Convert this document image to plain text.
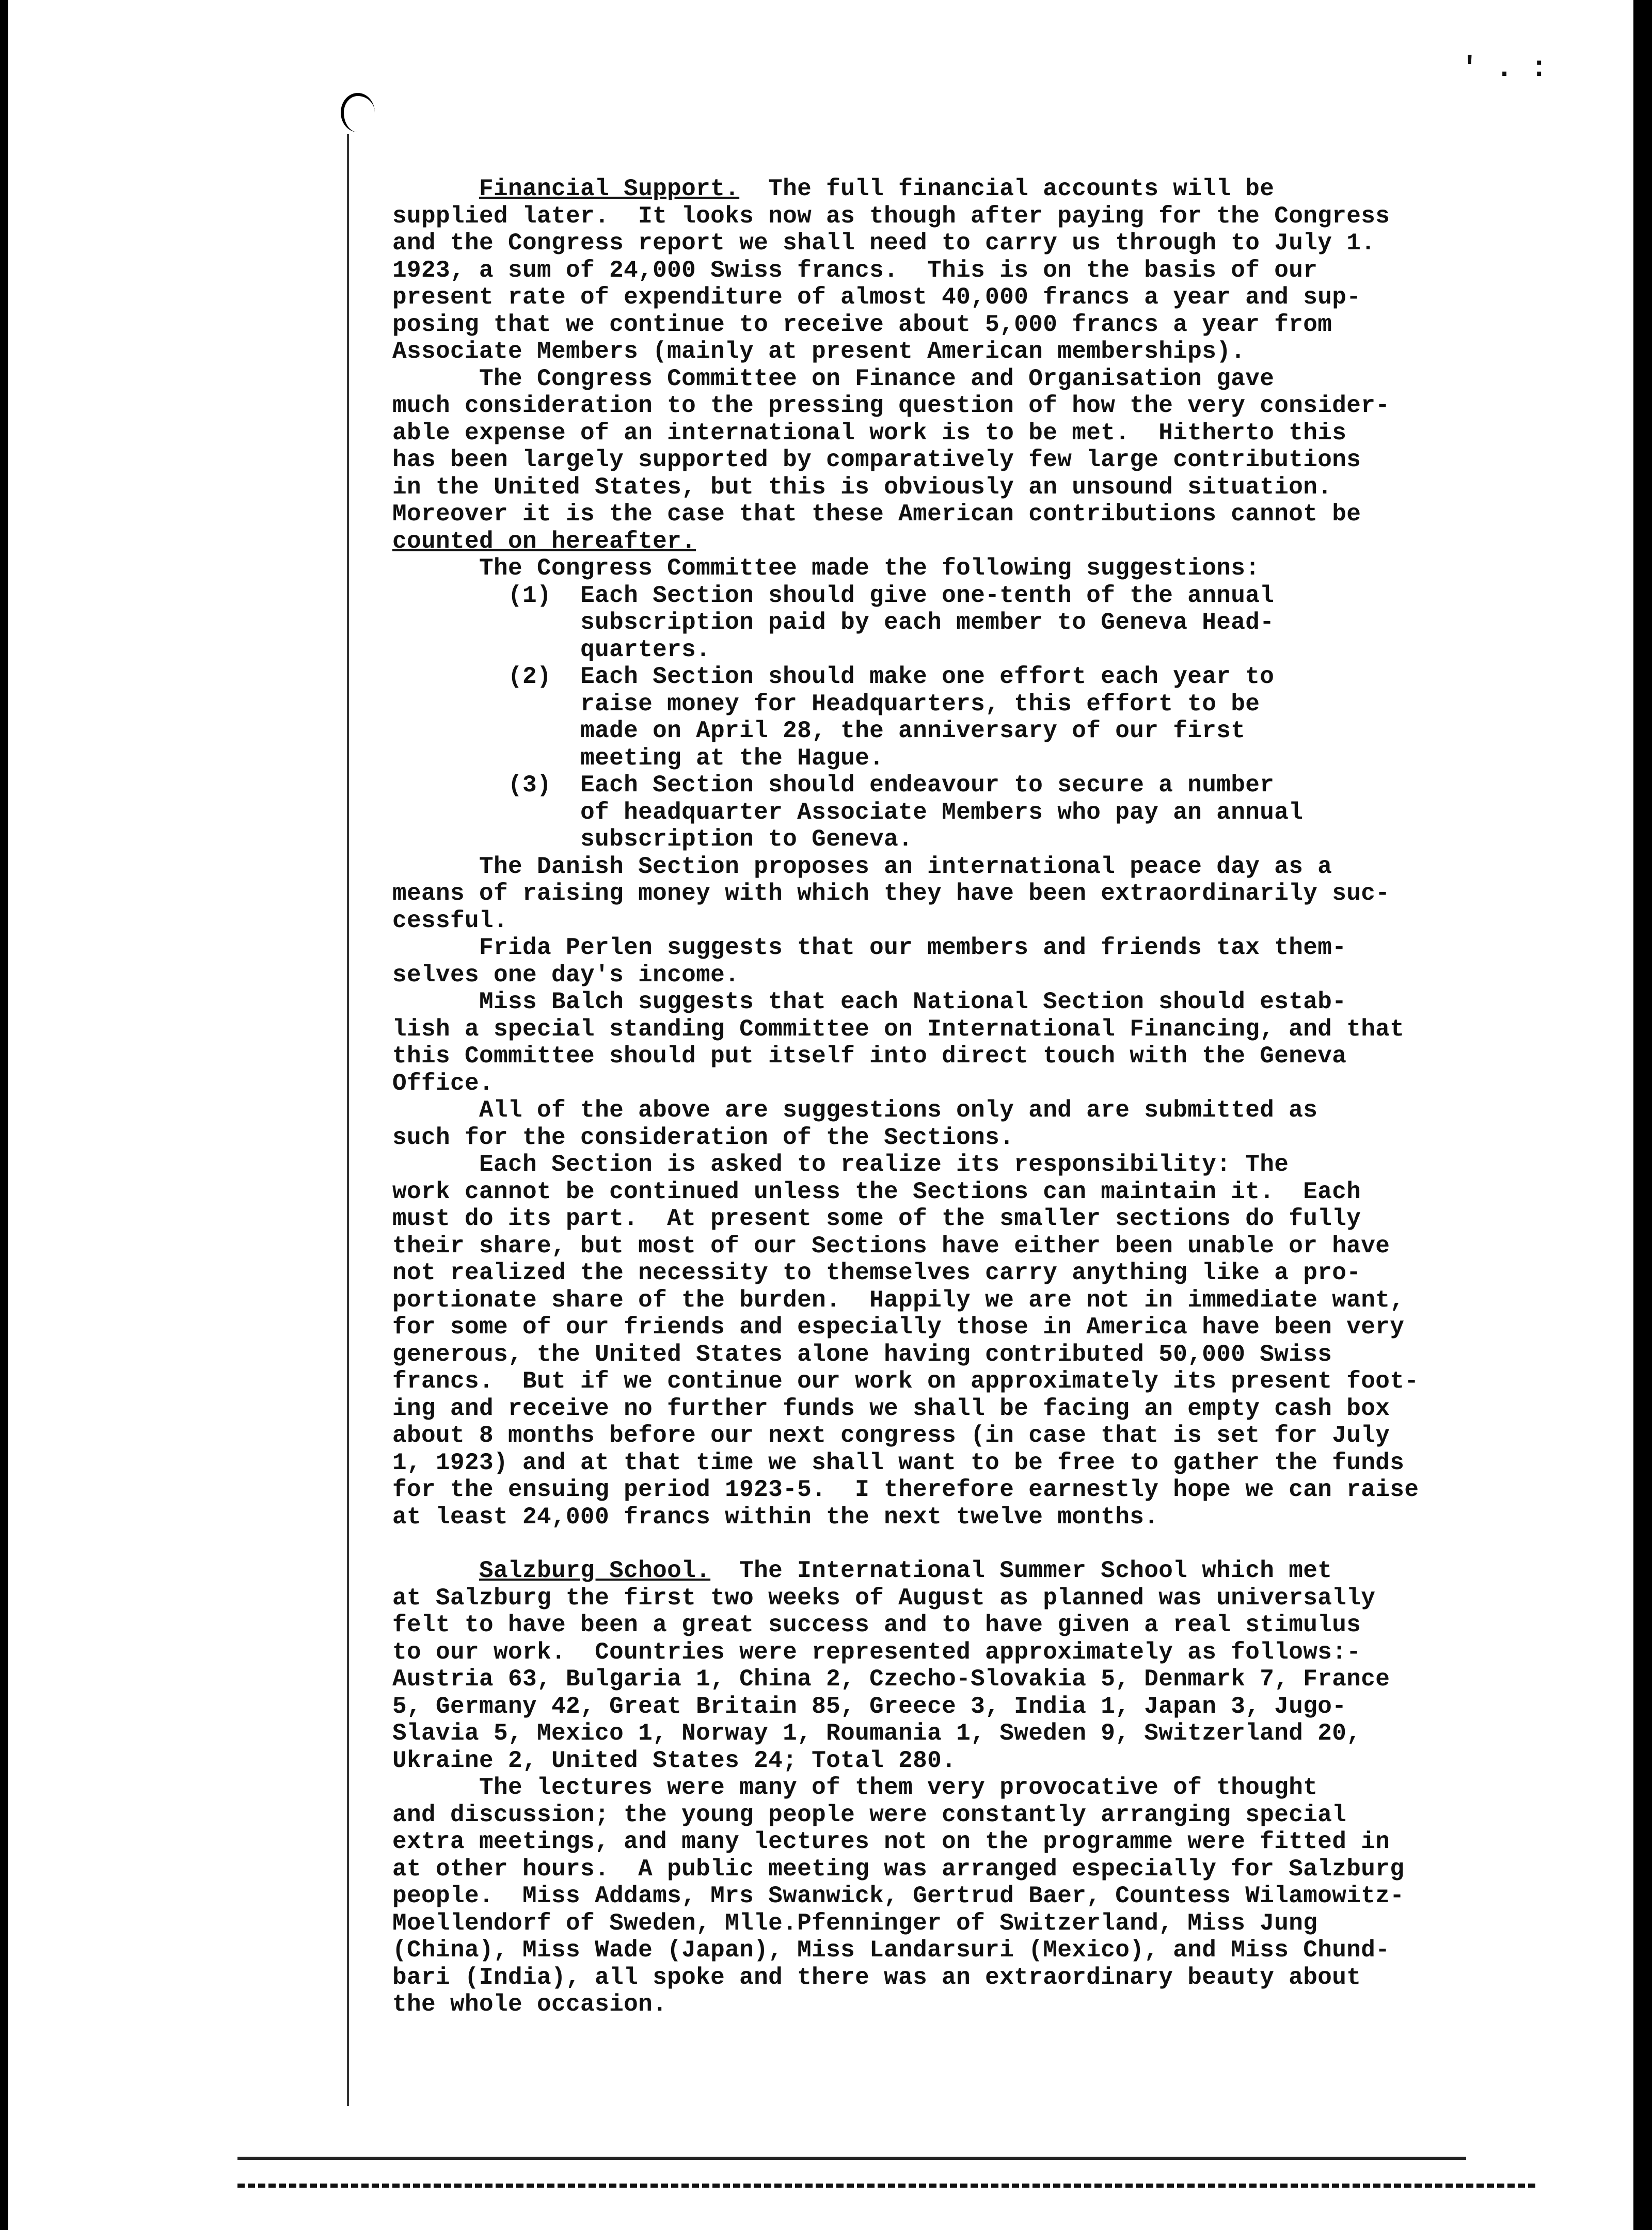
' . :

Financial Support. The full financial accounts will be

supplied later.  It looks now as though after paying for the Congress

and the Congress report we shall need to carry us through to July 1.

1923, a sum of 24,000 Swiss francs.  This is on the basis of our

present rate of expenditure of almost 40,000 francs a year and sup-

posing that we continue to receive about 5,000 francs a year from

Associate Members (mainly at present American memberships).

The Congress Committee on Finance and Organisation gave

much consideration to the pressing question of how the very consider-

able expense of an international work is to be met.  Hitherto this

has been largely supported by comparatively few large contributions

in the United States, but this is obviously an unsound situation.

Moreover it is the case that these American contributions cannot be

counted on hereafter.

The Congress Committee made the following suggestions:

(1)  Each Section should give one-tenth of the annual

subscription paid by each member to Geneva Head-

quarters.

(2)  Each Section should make one effort each year to

raise money for Headquarters, this effort to be

made on April 28, the anniversary of our first

meeting at the Hague.

(3)  Each Section should endeavour to secure a number

of headquarter Associate Members who pay an annual

subscription to Geneva.

The Danish Section proposes an international peace day as a

means of raising money with which they have been extraordinarily suc-

cessful.

Frida Perlen suggests that our members and friends tax them-

selves one day's income.

Miss Balch suggests that each National Section should estab-

lish a special standing Committee on International Financing, and that

this Committee should put itself into direct touch with the Geneva

Office.

All of the above are suggestions only and are submitted as

such for the consideration of the Sections.

Each Section is asked to realize its responsibility: The

work cannot be continued unless the Sections can maintain it.  Each

must do its part.  At present some of the smaller sections do fully

their share, but most of our Sections have either been unable or have

not realized the necessity to themselves carry anything like a pro-

portionate share of the burden.  Happily we are not in immediate want,

for some of our friends and especially those in America have been very

generous, the United States alone having contributed 50,000 Swiss

francs.  But if we continue our work on approximately its present foot-

ing and receive no further funds we shall be facing an empty cash box

about 8 months before our next congress (in case that is set for July

1, 1923) and at that time we shall want to be free to gather the funds

for the ensuing period 1923-5.  I therefore earnestly hope we can raise

at least 24,000 francs within the next twelve months.

Salzburg School. The International Summer School which met

at Salzburg the first two weeks of August as planned was universally

felt to have been a great success and to have given a real stimulus

to our work.  Countries were represented approximately as follows:-

Austria 63, Bulgaria 1, China 2, Czecho-Slovakia 5, Denmark 7, France

5, Germany 42, Great Britain 85, Greece 3, India 1, Japan 3, Jugo-

Slavia 5, Mexico 1, Norway 1, Roumania 1, Sweden 9, Switzerland 20,

Ukraine 2, United States 24; Total 280.

The lectures were many of them very provocative of thought

and discussion; the young people were constantly arranging special

extra meetings, and many lectures not on the programme were fitted in

at other hours.  A public meeting was arranged especially for Salzburg

people.  Miss Addams, Mrs Swanwick, Gertrud Baer, Countess Wilamowitz-

Moellendorf of Sweden, Mlle.Pfenninger of Switzerland, Miss Jung

(China), Miss Wade (Japan), Miss Landarsuri (Mexico), and Miss Chund-

bari (India), all spoke and there was an extraordinary beauty about

the whole occasion.
